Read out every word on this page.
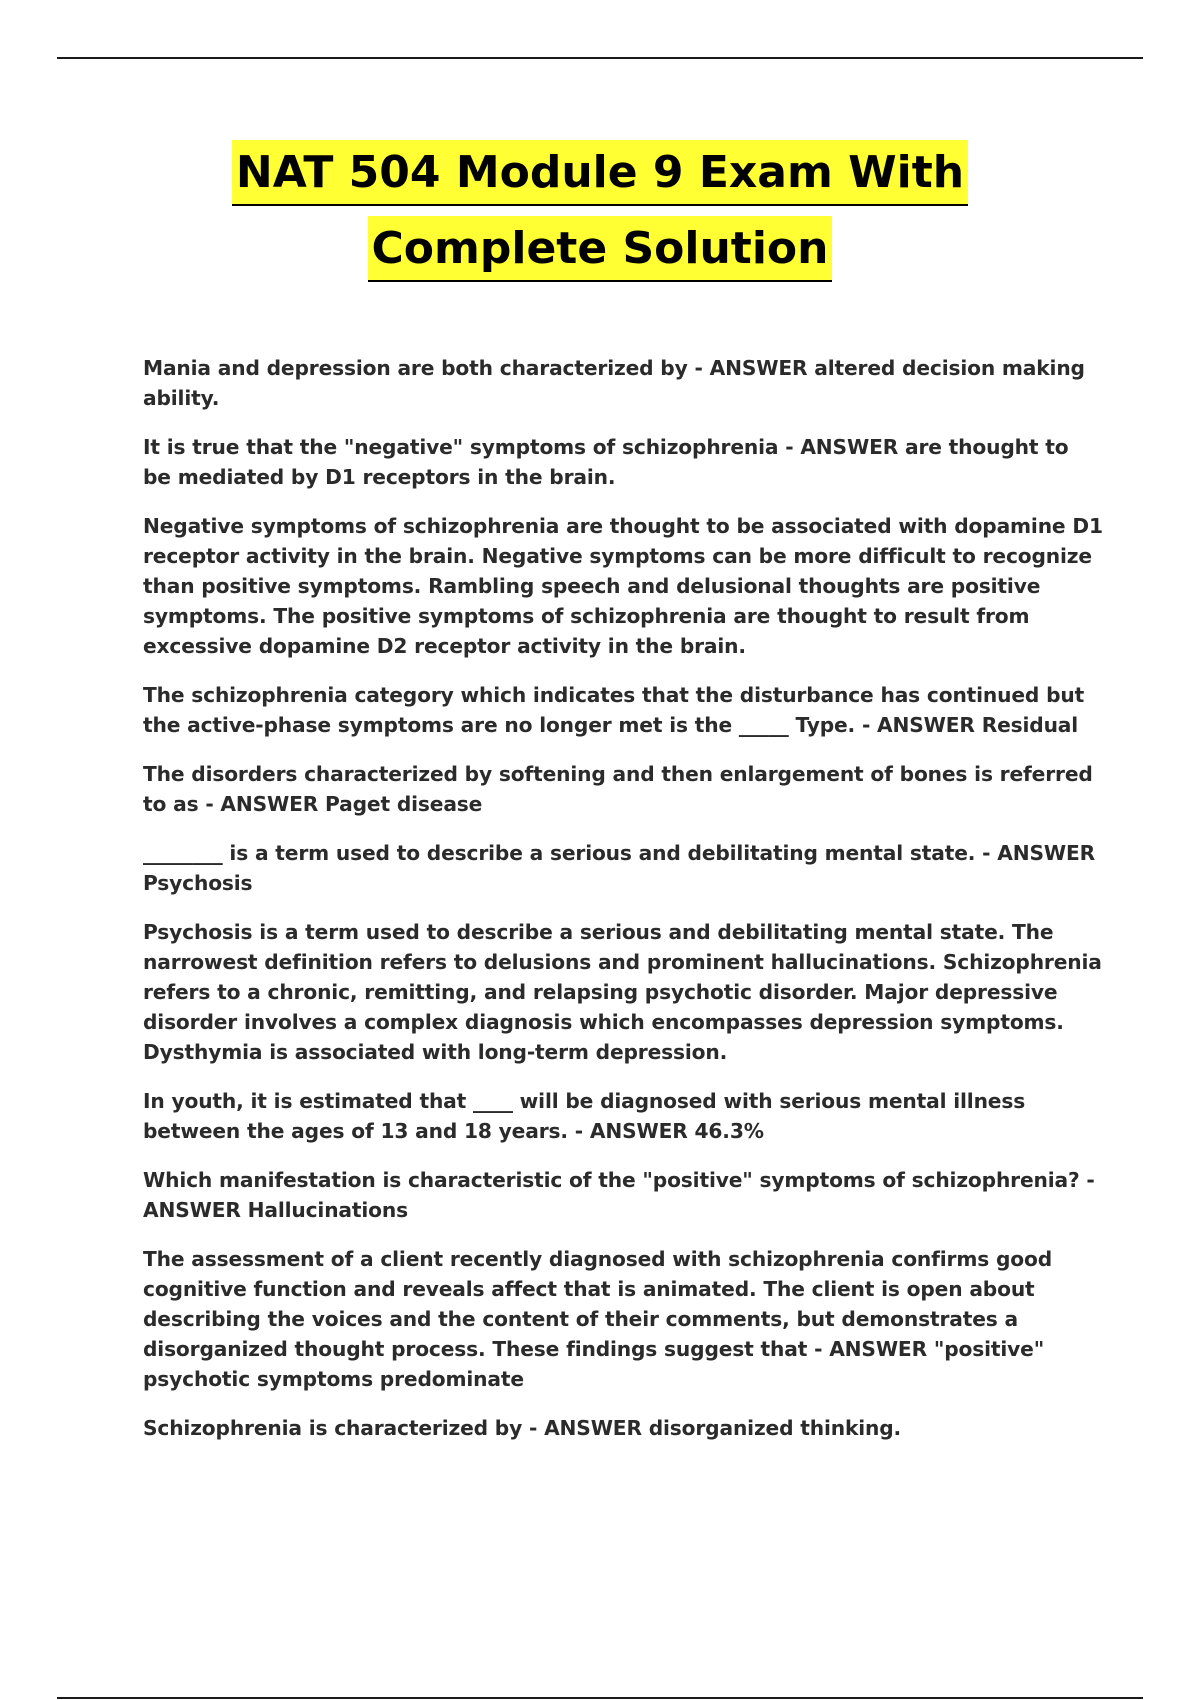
NAT 504 Module 9 Exam With
Complete Solution

Mania and depression are both characterized by - ANSWER altered decision making ability.

It is true that the "negative" symptoms of schizophrenia - ANSWER are thought to be mediated by D1 receptors in the brain.

Negative symptoms of schizophrenia are thought to be associated with dopamine D1 receptor activity in the brain. Negative symptoms can be more difficult to recognize than positive symptoms. Rambling speech and delusional thoughts are positive symptoms. The positive symptoms of schizophrenia are thought to result from excessive dopamine D2 receptor activity in the brain.

The schizophrenia category which indicates that the disturbance has continued but the active-phase symptoms are no longer met is the _____ Type. - ANSWER Residual

The disorders characterized by softening and then enlargement of bones is referred to as - ANSWER Paget disease

________ is a term used to describe a serious and debilitating mental state. - ANSWER Psychosis

Psychosis is a term used to describe a serious and debilitating mental state. The narrowest definition refers to delusions and prominent hallucinations. Schizophrenia refers to a chronic, remitting, and relapsing psychotic disorder. Major depressive disorder involves a complex diagnosis which encompasses depression symptoms. Dysthymia is associated with long-term depression.

In youth, it is estimated that ____ will be diagnosed with serious mental illness between the ages of 13 and 18 years. - ANSWER 46.3%

Which manifestation is characteristic of the "positive" symptoms of schizophrenia? - ANSWER Hallucinations

The assessment of a client recently diagnosed with schizophrenia confirms good cognitive function and reveals affect that is animated. The client is open about describing the voices and the content of their comments, but demonstrates a disorganized thought process. These findings suggest that - ANSWER "positive" psychotic symptoms predominate

Schizophrenia is characterized by - ANSWER disorganized thinking.
